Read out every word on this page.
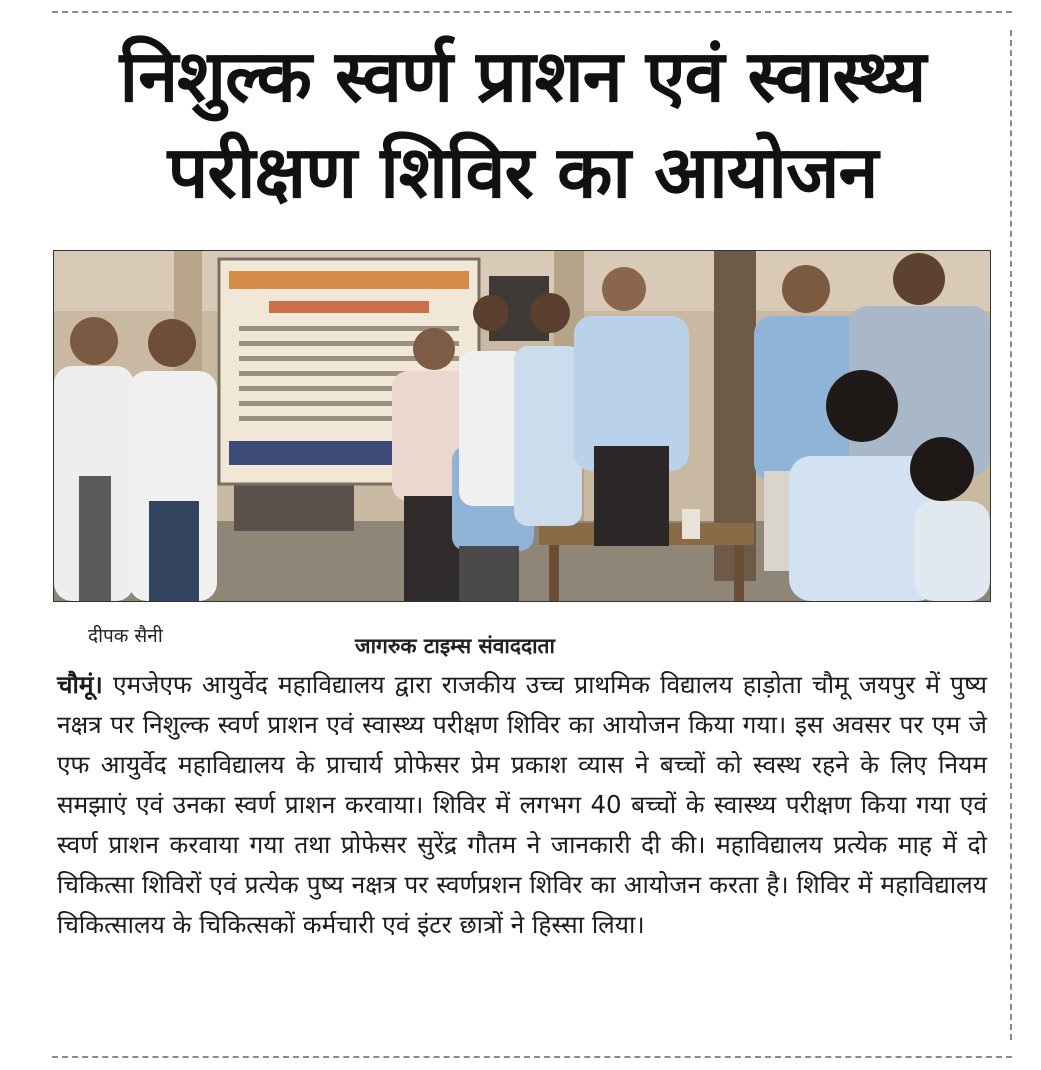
निशुल्क स्वर्ण प्राशन एवं स्वास्थ्य
परीक्षण शिविर का आयोजन
दीपक सैनी	जागरुक टाइम्स संवाददाता
चौमूं। एमजेएफ आयुर्वेद महाविद्यालय द्वारा राजकीय उच्च प्राथमिक विद्यालय हाड़ोता चौमू जयपुर में पुष्य नक्षत्र पर निशुल्क स्वर्ण प्राशन एवं स्वास्थ्य परीक्षण शिविर का आयोजन किया गया। इस अवसर पर एम जे एफ आयुर्वेद महाविद्यालय के प्राचार्य प्रोफेसर प्रेम प्रकाश व्यास ने बच्चों को स्वस्थ रहने के लिए नियम समझाएं एवं उनका स्वर्ण प्राशन करवाया। शिविर में लगभग 40 बच्चों के स्वास्थ्य परीक्षण किया गया एवं स्वर्ण प्राशन करवाया गया तथा प्रोफेसर सुरेंद्र गौतम ने जानकारी दी की। महाविद्यालय प्रत्येक माह में दो चिकित्सा शिविरों एवं प्रत्येक पुष्य नक्षत्र पर स्वर्णप्रशन शिविर का आयोजन करता है। शिविर में महाविद्यालय चिकित्सालय के चिकित्सकों कर्मचारी एवं इंटर छात्रों ने हिस्सा लिया।
